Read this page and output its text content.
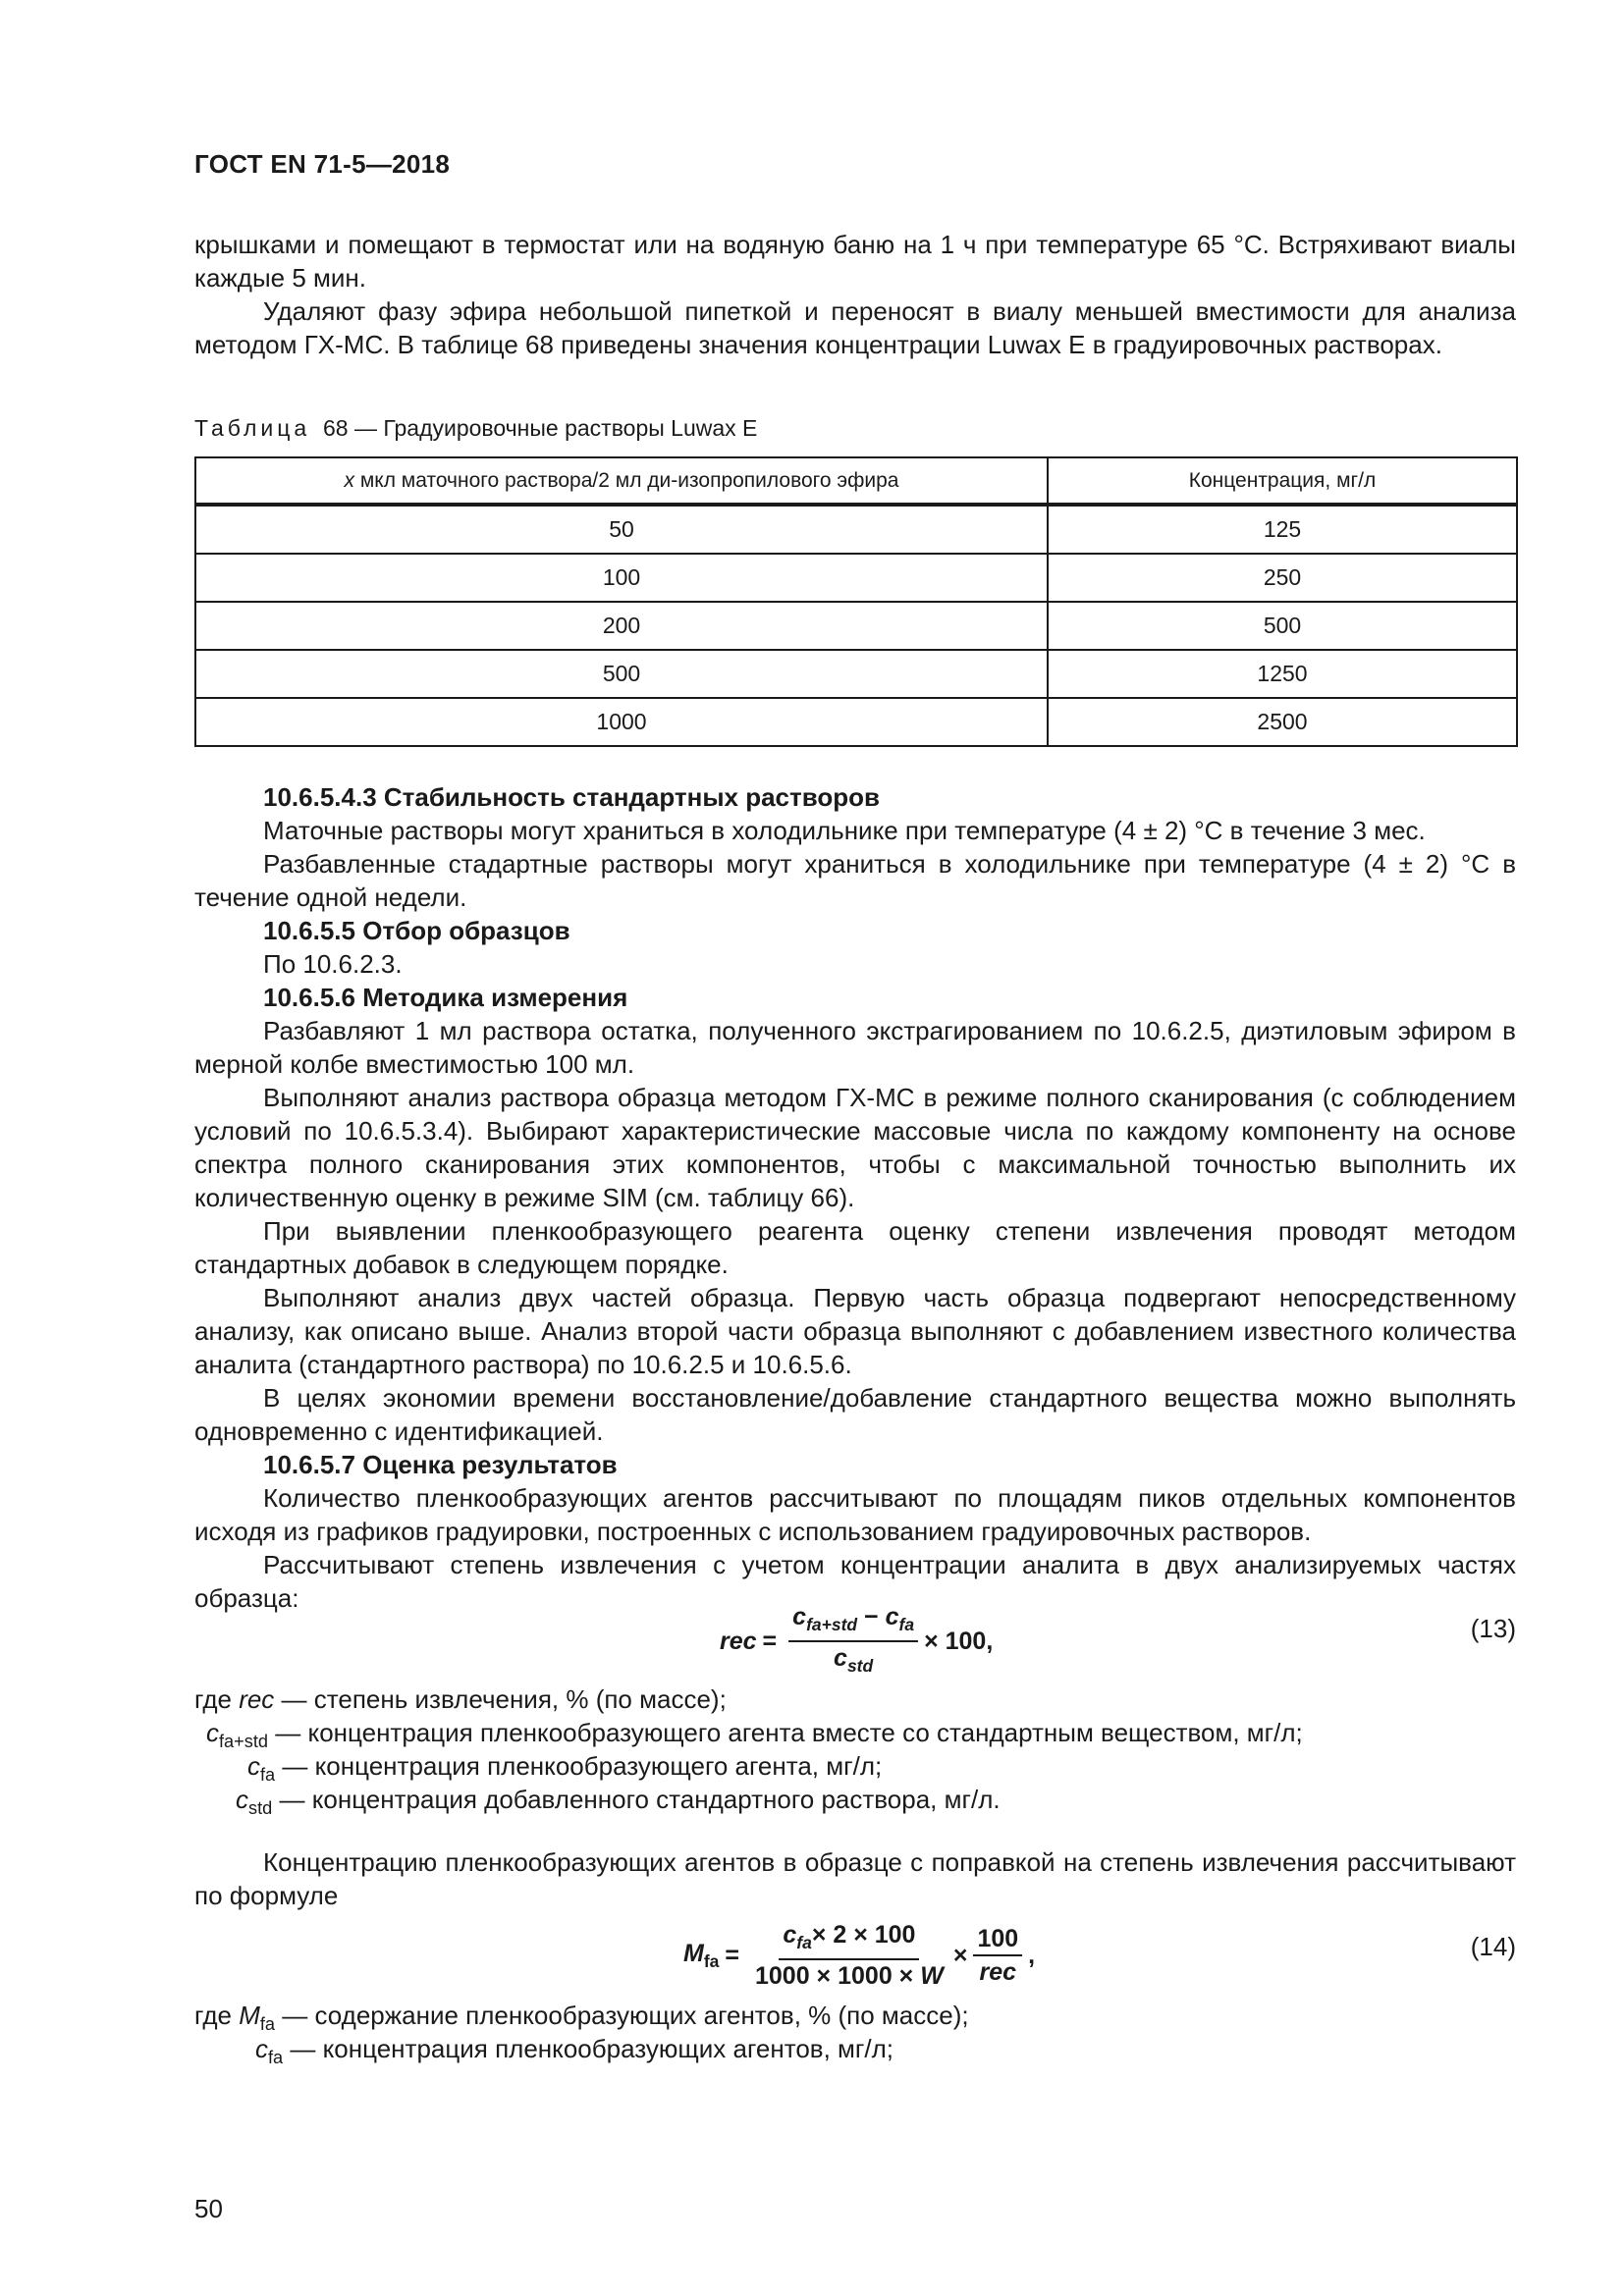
ГОСТ EN 71-5—2018

крышками и помещают в термостат или на водяную баню на 1 ч при температуре 65 °С. Встряхивают виалы каждые 5 мин.

Удаляют фазу эфира небольшой пипеткой и переносят в виалу меньшей вместимости для анализа методом ГХ-МС. В таблице 68 приведены значения концентрации Luwax E в градуировочных растворах.

Таблица 68 — Градуировочные растворы Luwax E
x мкл маточного раствора/2 мл ди-изопропилового эфира	Концентрация, мг/л
50	125
100	250
200	500
500	1250
1000	2500

10.6.5.4.3 Стабильность стандартных растворов

Маточные растворы могут храниться в холодильнике при температуре (4 ± 2) °С в течение 3 мес.

Разбавленные стадартные растворы могут храниться в холодильнике при температуре (4 ± 2) °С в течение одной недели.

10.6.5.5 Отбор образцов

По 10.6.2.3.

10.6.5.6 Методика измерения

Разбавляют 1 мл раствора остатка, полученного экстрагированием по 10.6.2.5, диэтиловым эфиром в мерной колбе вместимостью 100 мл.

Выполняют анализ раствора образца методом ГХ-МС в режиме полного сканирования (с соблюдением условий по 10.6.5.3.4). Выбирают характеристические массовые числа по каждому компоненту на основе спектра полного сканирования этих компонентов, чтобы с максимальной точностью выполнить их количественную оценку в режиме SIM (см. таблицу 66).

При выявлении пленкообразующего реагента оценку степени извлечения проводят методом стандартных добавок в следующем порядке.

Выполняют анализ двух частей образца. Первую часть образца подвергают непосредственному анализу, как описано выше. Анализ второй части образца выполняют с добавлением известного количества аналита (стандартного раствора) по 10.6.2.5 и 10.6.5.6.

В целях экономии времени восстановление/добавление стандартного вещества можно выполнять одновременно с идентификацией.

10.6.5.7 Оценка результатов

Количество пленкообразующих агентов рассчитывают по площадям пиков отдельных компонентов исходя из графиков градуировки, построенных с использованием градуировочных растворов.

Рассчитывают степень извлечения с учетом концентрации аналита в двух анализируемых частях образца:

rec = $\frac{c_{fa+std} - c_{fa}}{c_{std}} \times 100$,	(13)
где rec — степень извлечения, % (по массе);
$c_{fa+std}$ — концентрация пленкообразующего агента вместе со стандартным веществом, мг/л;
$c_{fa}$ — концентрация пленкообразующего агента, мг/л;
$c_{std}$ — концентрация добавленного стандартного раствора, мг/л.

Концентрацию пленкообразующих агентов в образце с поправкой на степень извлечения рассчитывают по формуле

$M_{fa} = \frac{c_{fa}\times 2 \times 100}{1000 \times 1000 \times W} \times \frac{100}{\text{rec}}$ ,	(14)
где $M_{fa}$ — содержание пленкообразующих агентов, % (по массе);
$c_{fa}$ — концентрация пленкообразующих агентов, мг/л;
50
